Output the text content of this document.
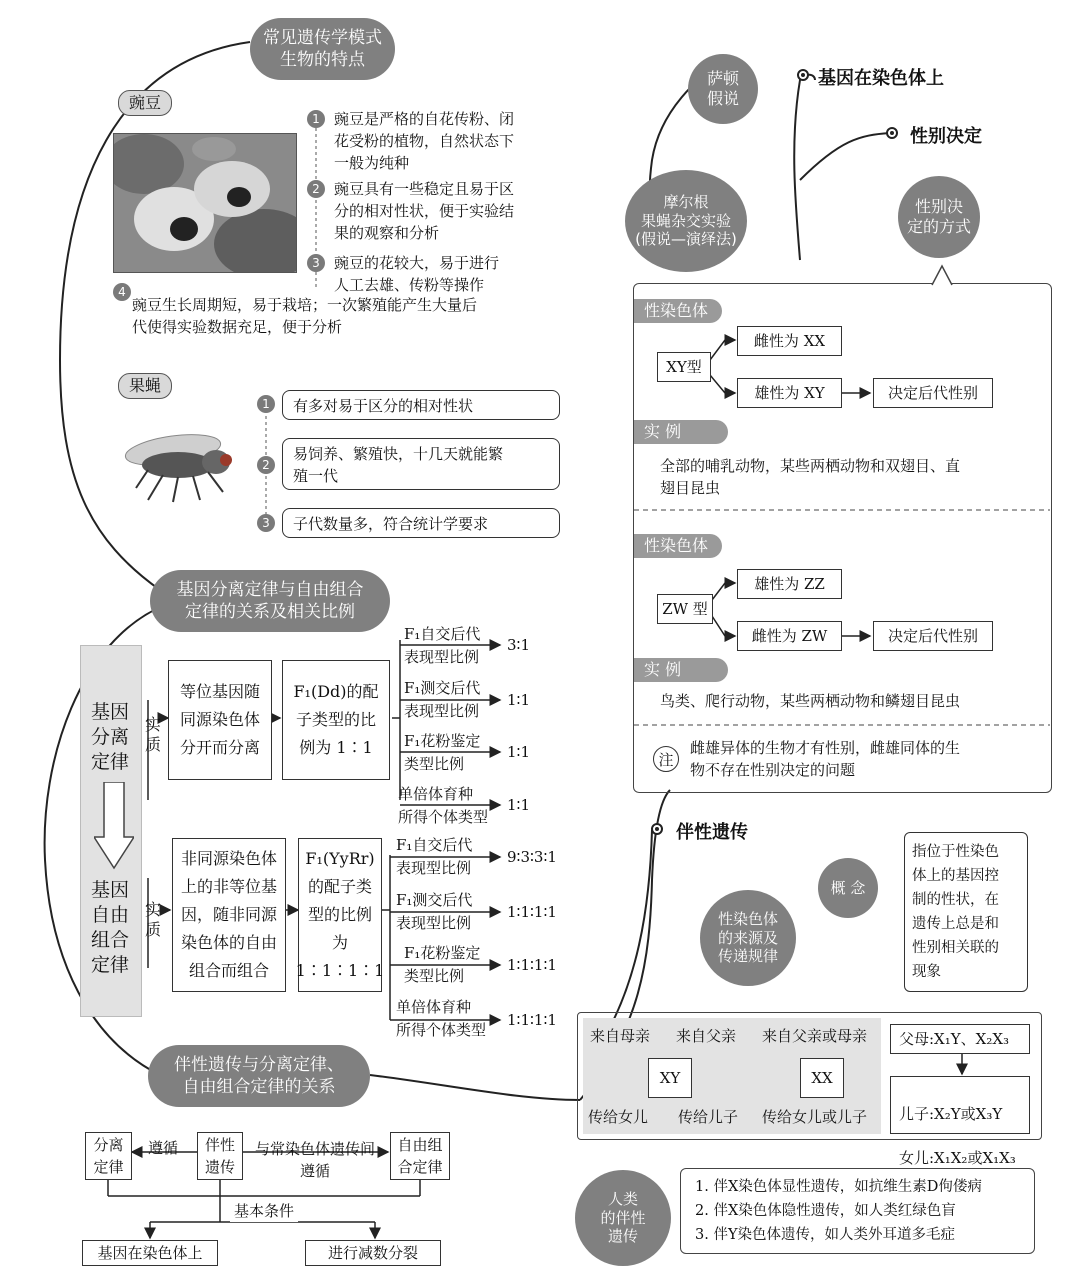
常见遗传学模式
生物的特点
豌豆
1 豌豆是严格的自花传粉、闭
花受粉的植物，自然状态下
一般为纯种
2 豌豆具有一些稳定且易于区
分的相对性状，便于实验结
果的观察和分析
3 豌豆的花较大，易于进行
人工去雄、传粉等操作
4
豌豆生长周期短，易于栽培；一次繁殖能产生大量后
代使得实验数据充足，便于分析
果蝇
1	有多对易于区分的相对性状
2
易饲养、繁殖快，十几天就能繁
殖一代
3	子代数量多，符合统计学要求
基因分离定律与自由组合
定律的关系及相关比例
基因
分离
定律
基因
自由
组合
定律
实
质
等位基因随
同源染色体
分开而分离
F₁(Dd)的配
子类型的比
例为 1∶1
F₁自交后代
表现型比例
3∶1
F₁测交后代
表现型比例
1∶1
F₁花粉鉴定
类型比例
1∶1
单倍体育种
所得个体类型
1∶1
实
质
非同源染色体
上的非等位基
因，随非同源
染色体的自由
组合而组合
F₁(YyRr)
的配子类
型的比例
为 1∶1∶1∶1
F₁自交后代
表现型比例
9∶3∶3∶1
F₁测交后代
表现型比例
1∶1∶1∶1
F₁花粉鉴定
类型比例
1∶1∶1∶1
单倍体育种
所得个体类型
1∶1∶1∶1
伴性遗传与分离定律、
自由组合定律的关系
分离
定律
遵循	伴性
遗传
与常染色体遗传间
遵循
自由组
合定律
基本条件
基因在染色体上	进行减数分裂
萨顿
假说
基因在染色体上
性别决定
摩尔根
果蝇杂交实验
(假说—演绎法)
性别决
定的方式
性染色体
XY型
雌性为 XX
雄性为 XY	决定后代性别
实 例
全部的哺乳动物，某些两栖动物和双翅目、直
翅目昆虫
性染色体
ZW 型
雄性为 ZZ
雌性为 ZW	决定后代性别
实 例
鸟类、爬行动物，某些两栖动物和鳞翅目昆虫
注
雌雄异体的生物才有性别，雌雄同体的生
物不存在性别决定的问题
伴性遗传
概 念
指位于性染色
体上的基因控
制的性状，在
遗传上总是和
性别相关联的
现象
性染色体
的来源及
传递规律
来自母亲 来自父亲
XY
传给女儿 传给儿子
来自父亲或母亲
XX
传给女儿或儿子
父母:X₁Y、X₂X₃

儿子:X₂Y或X₃Y

女儿:X₁X₂或X₁X₃

人类
的伴性
遗传
1. 伴X染色体显性遗传，如抗维生素D佝偻病
2. 伴X染色体隐性遗传，如人类红绿色盲
3. 伴Y染色体遗传，如人类外耳道多毛症
